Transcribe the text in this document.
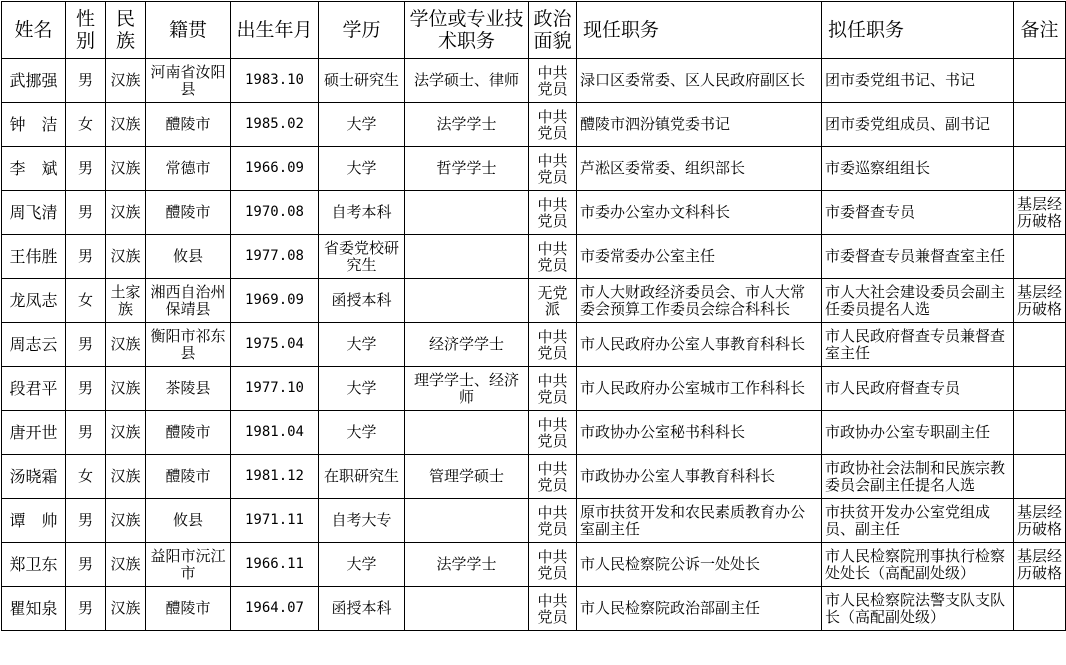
姓名	性别	民族	籍贯	出生年月	学历	学位或专业技术职务	政治面貌	现任职务	拟任职务	备注
武挪强	男	汉族	河南省汝阳县	1983.10	硕士研究生	法学硕士、律师	中共党员	渌口区委常委、区人民政府副区长	团市委党组书记、书记	
钟　洁	女	汉族	醴陵市	1985.02	大学	法学学士	中共党员	醴陵市泗汾镇党委书记	团市委党组成员、副书记	
李　斌	男	汉族	常德市	1966.09	大学	哲学学士	中共党员	芦淞区委常委、组织部长	市委巡察组组长	
周飞清	男	汉族	醴陵市	1970.08	自考本科		中共党员	市委办公室办文科科长	市委督查专员	基层经历破格
王伟胜	男	汉族	攸县	1977.08	省委党校研究生		中共党员	市委常委办公室主任	市委督查专员兼督查室主任	
龙凤志	女	土家族	湘西自治州保靖县	1969.09	函授本科		无党派	市人大财政经济委员会、市人大常委会预算工作委员会综合科科长	市人大社会建设委员会副主任委员提名人选	基层经历破格
周志云	男	汉族	衡阳市祁东县	1975.04	大学	经济学学士	中共党员	市人民政府办公室人事教育科科长	市人民政府督查专员兼督查室主任	
段君平	男	汉族	茶陵县	1977.10	大学	理学学士、经济师	中共党员	市人民政府办公室城市工作科科长	市人民政府督查专员	
唐开世	男	汉族	醴陵市	1981.04	大学		中共党员	市政协办公室秘书科科长	市政协办公室专职副主任	
汤晓霜	女	汉族	醴陵市	1981.12	在职研究生	管理学硕士	中共党员	市政协办公室人事教育科科长	市政协社会法制和民族宗教委员会副主任提名人选	
谭　帅	男	汉族	攸县	1971.11	自考大专		中共党员	原市扶贫开发和农民素质教育办公室副主任	市扶贫开发办公室党组成员、副主任	基层经历破格
郑卫东	男	汉族	益阳市沅江市	1966.11	大学	法学学士	中共党员	市人民检察院公诉一处处长	市人民检察院刑事执行检察处处长（高配副处级）	基层经历破格
瞿知泉	男	汉族	醴陵市	1964.07	函授本科		中共党员	市人民检察院政治部副主任	市人民检察院法警支队支队长（高配副处级）	
